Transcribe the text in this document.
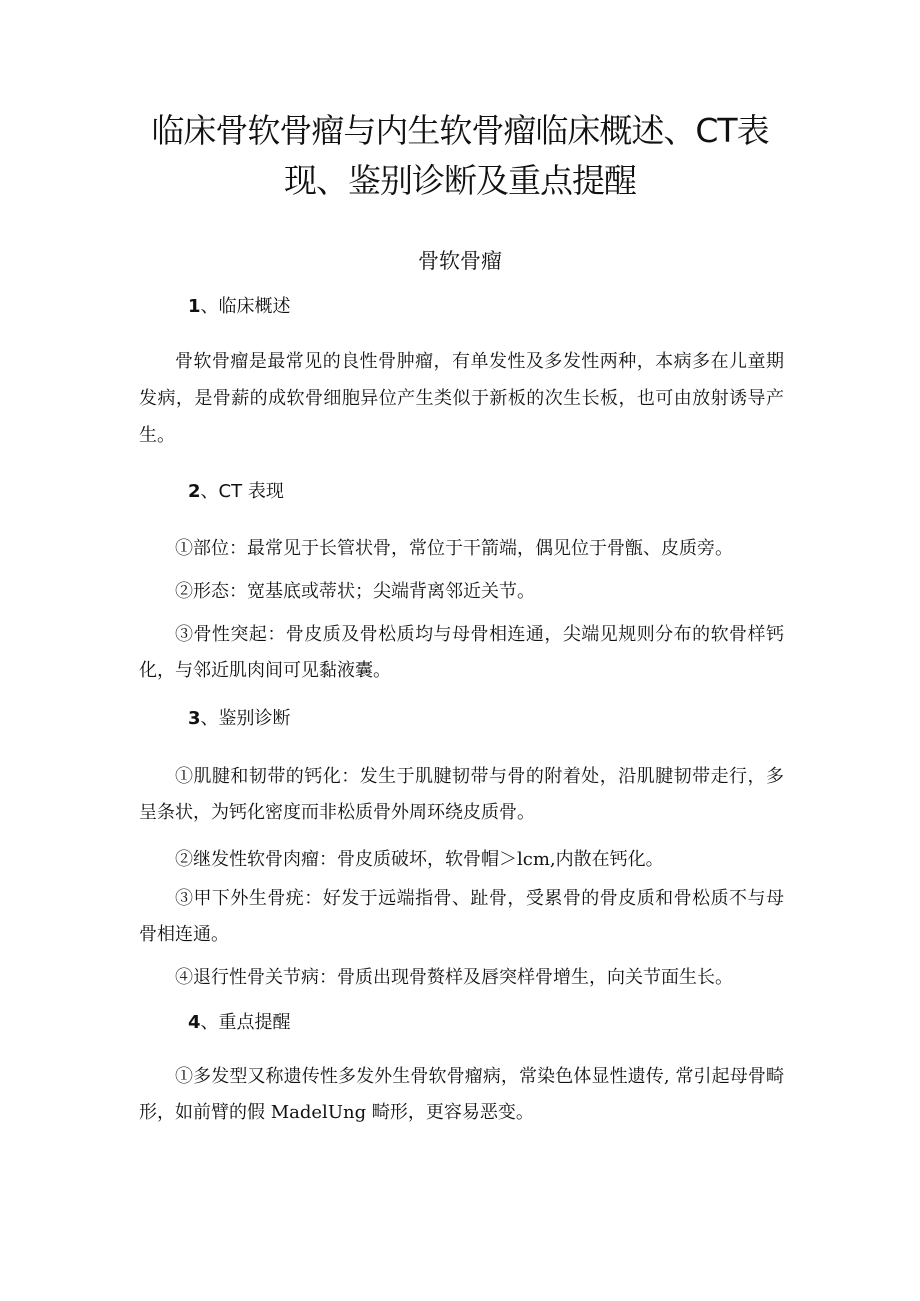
临床骨软骨瘤与内生软骨瘤临床概述、CT表
现、鉴别诊断及重点提醒
骨软骨瘤
1、临床概述

骨软骨瘤是最常见的良性骨肿瘤，有单发性及多发性两种，本病多在儿童期发病，是骨薪的成软骨细胞异位产生类似于新板的次生长板，也可由放射诱导产生。

2、CT 表现

①部位：最常见于长管状骨，常位于干箭端，偶见位于骨甑、皮质旁。

②形态：宽基底或蒂状；尖端背离邻近关节。

③骨性突起：骨皮质及骨松质均与母骨相连通，尖端见规则分布的软骨样钙化，与邻近肌肉间可见黏液囊。

3、鉴别诊断

①肌腱和韧带的钙化：发生于肌腱韧带与骨的附着处，沿肌腱韧带走行，多呈条状，为钙化密度而非松质骨外周环绕皮质骨。

②继发性软骨肉瘤：骨皮质破坏，软骨帽＞lcm,内散在钙化。

③甲下外生骨疣：好发于远端指骨、趾骨，受累骨的骨皮质和骨松质不与母骨相连通。

④退行性骨关节病：骨质出现骨赘样及唇突样骨增生，向关节面生长。

4、重点提醒

①多发型又称遗传性多发外生骨软骨瘤病，常染色体显性遗传, 常引起母骨畸形，如前臂的假 MadelUng 畸形，更容易恶变。
